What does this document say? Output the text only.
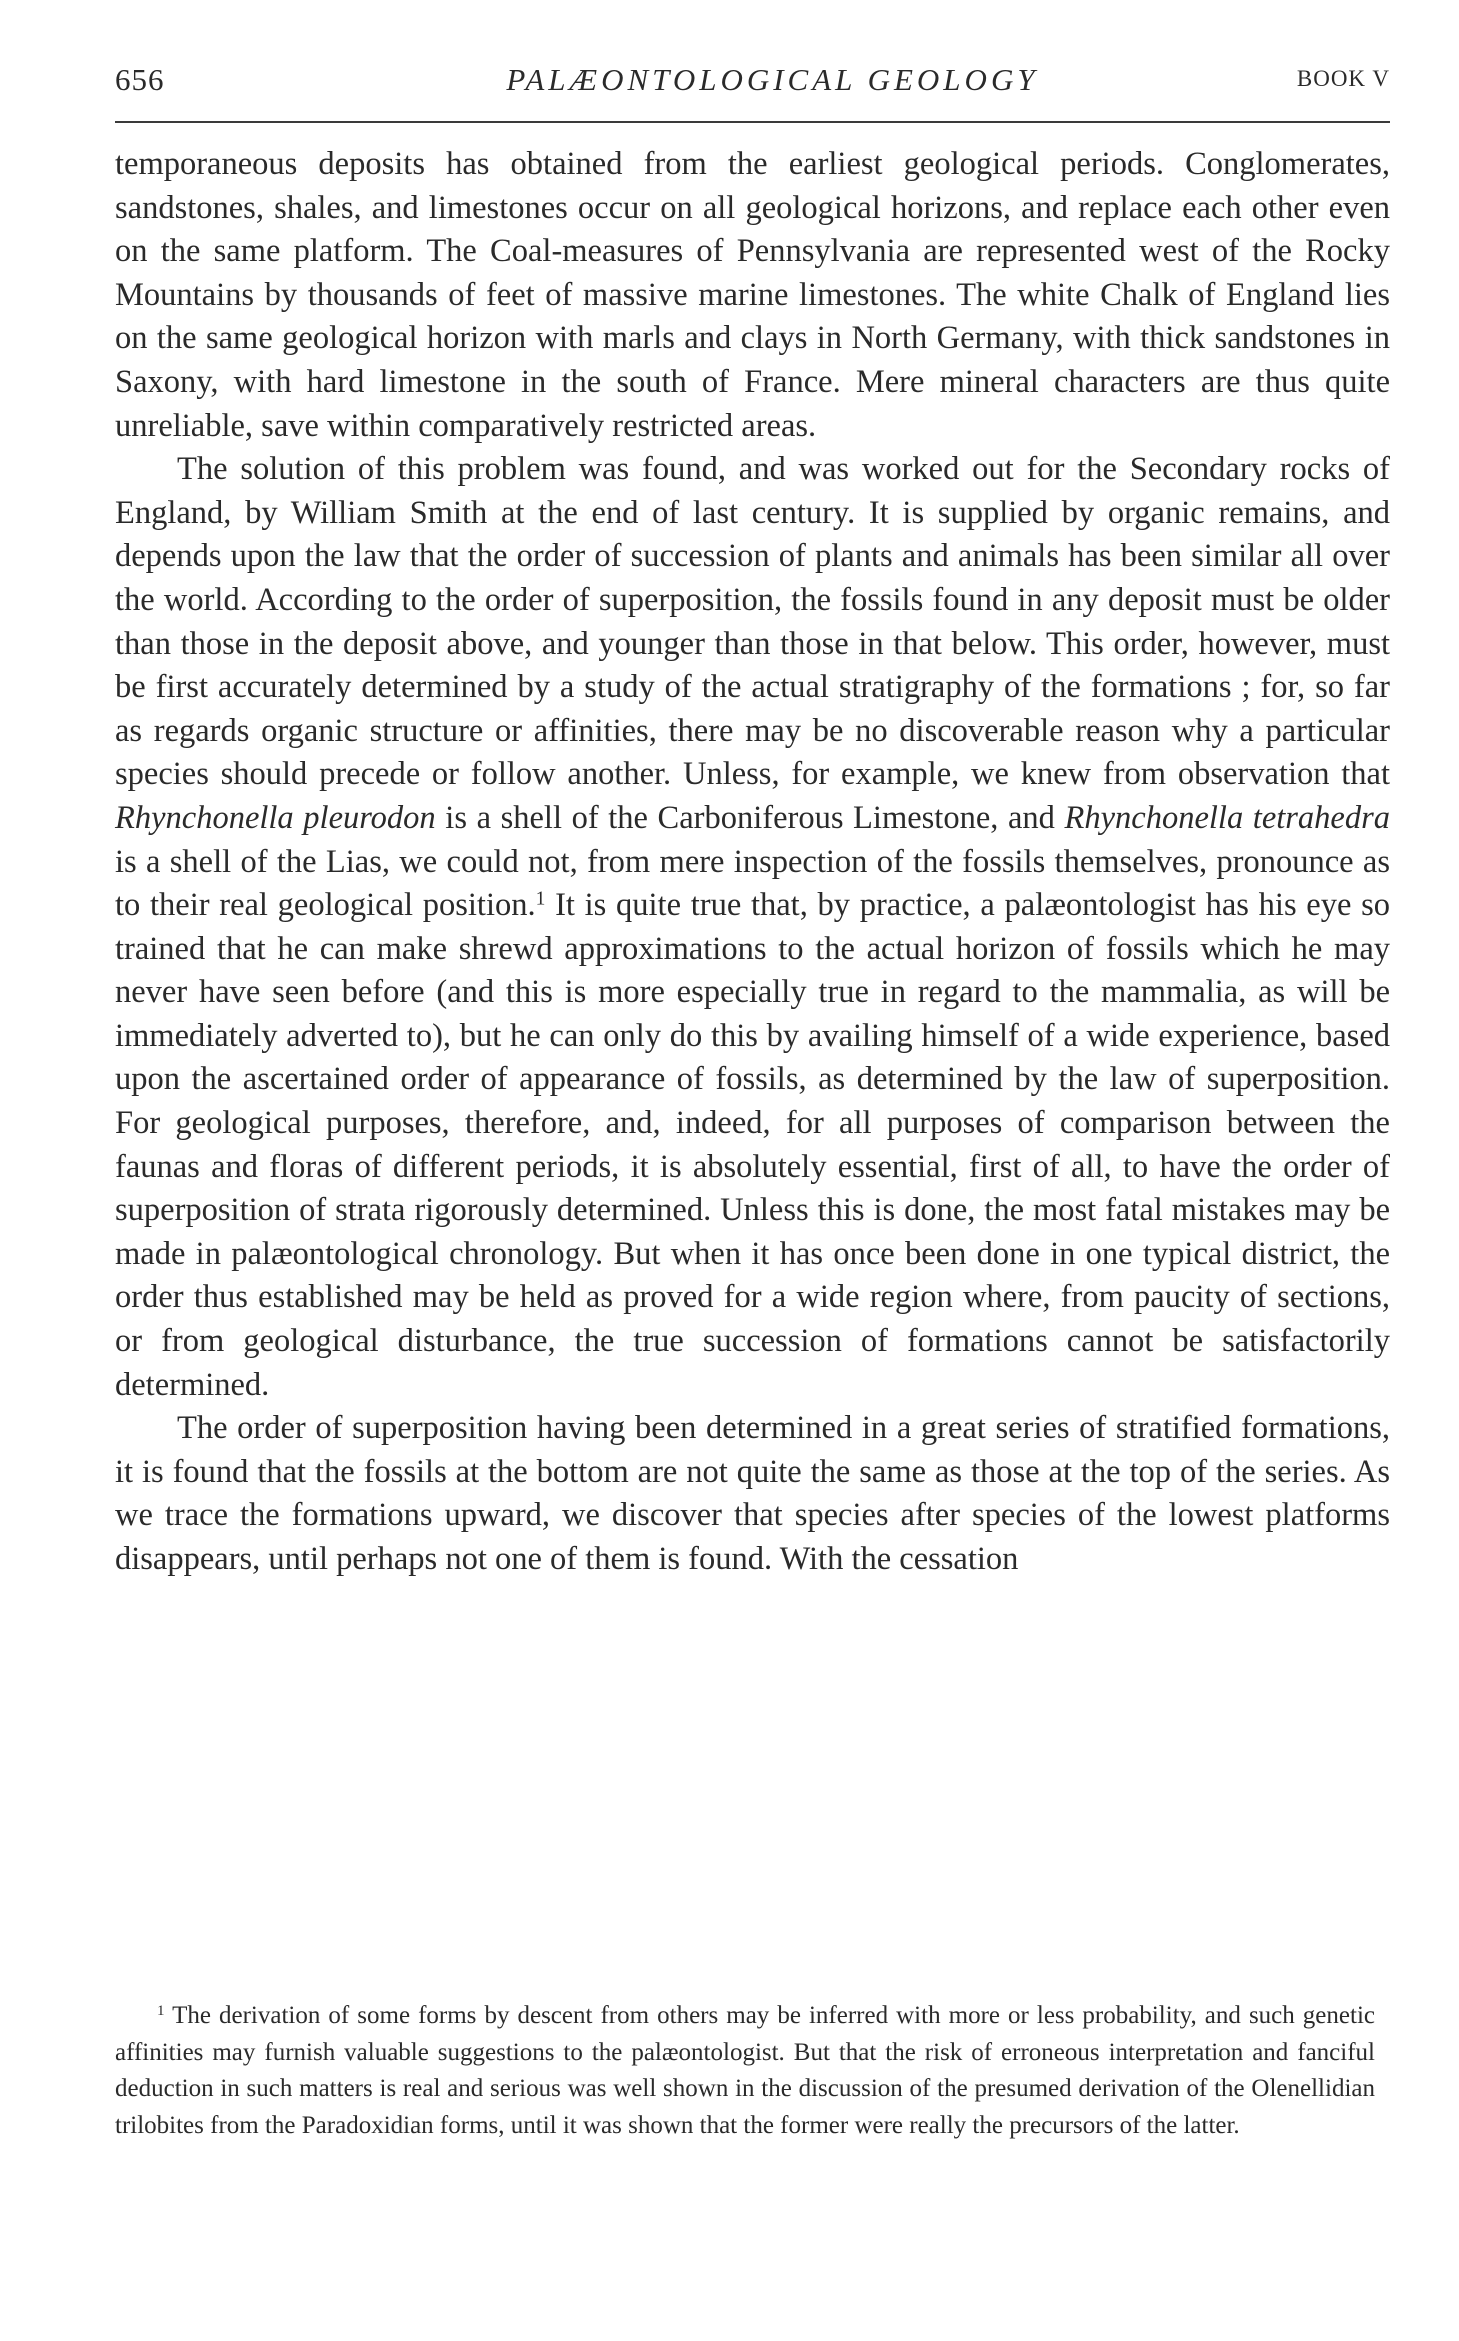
656	PALÆONTOLOGICAL GEOLOGY	BOOK V

temporaneous deposits has obtained from the earliest geological periods. Conglomerates, sandstones, shales, and limestones occur on all geological horizons, and replace each other even on the same platform. The Coal-measures of Pennsylvania are represented west of the Rocky Mountains by thousands of feet of massive marine limestones. The white Chalk of England lies on the same geological horizon with marls and clays in North Germany, with thick sandstones in Saxony, with hard limestone in the south of France. Mere mineral characters are thus quite unreliable, save within comparatively restricted areas.

The solution of this problem was found, and was worked out for the Secondary rocks of England, by William Smith at the end of last century. It is supplied by organic remains, and depends upon the law that the order of succession of plants and animals has been similar all over the world. According to the order of superposition, the fossils found in any deposit must be older than those in the deposit above, and younger than those in that below. This order, however, must be first accurately determined by a study of the actual stratigraphy of the formations ; for, so far as regards organic structure or affinities, there may be no discoverable reason why a particular species should precede or follow another. Unless, for example, we knew from observation that Rhynchonella pleurodon is a shell of the Carboniferous Limestone, and Rhynchonella tetrahedra is a shell of the Lias, we could not, from mere inspection of the fossils themselves, pronounce as to their real geological position.$^1$ It is quite true that, by practice, a palæontologist has his eye so trained that he can make shrewd approximations to the actual horizon of fossils which he may never have seen before (and this is more especially true in regard to the mammalia, as will be immediately adverted to), but he can only do this by availing himself of a wide experience, based upon the ascertained order of appearance of fossils, as determined by the law of superposition. For geological purposes, therefore, and, indeed, for all purposes of comparison between the faunas and floras of different periods, it is absolutely essential, first of all, to have the order of superposition of strata rigorously determined. Unless this is done, the most fatal mistakes may be made in palæontological chronology. But when it has once been done in one typical district, the order thus established may be held as proved for a wide region where, from paucity of sections, or from geological disturbance, the true succession of formations cannot be satisfactorily determined.

The order of superposition having been determined in a great series of stratified formations, it is found that the fossils at the bottom are not quite the same as those at the top of the series. As we trace the formations upward, we discover that species after species of the lowest platforms disappears, until perhaps not one of them is found. With the cessation

$^1$ The derivation of some forms by descent from others may be inferred with more or less probability, and such genetic affinities may furnish valuable suggestions to the palæontologist. But that the risk of erroneous interpretation and fanciful deduction in such matters is real and serious was well shown in the discussion of the presumed derivation of the Olenellidian trilobites from the Paradoxidian forms, until it was shown that the former were really the precursors of the latter.
